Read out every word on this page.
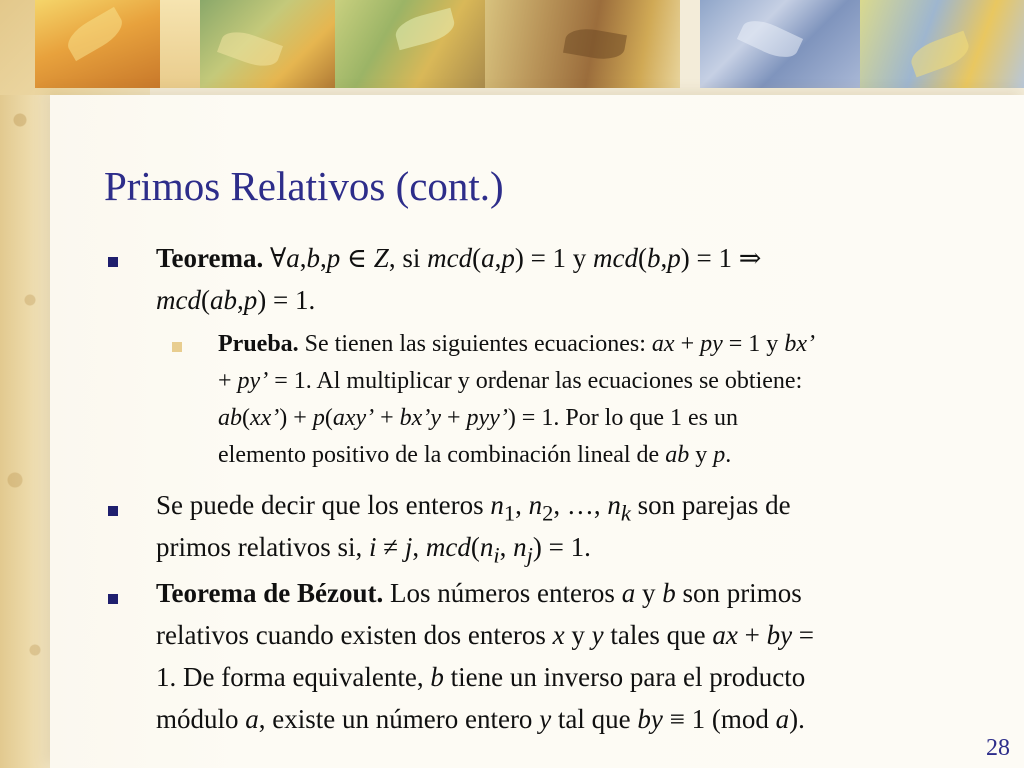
Primos Relativos (cont.)

Teorema. ∀a,b,p ∈ Z, si mcd(a,p) = 1 y mcd(b,p) = 1 ⇒

mcd(ab,p) = 1.

Prueba. Se tienen las siguientes ecuaciones: ax + py = 1 y bx’

+ py’ = 1. Al multiplicar y ordenar las ecuaciones se obtiene:

ab(xx’) + p(axy’ + bx’y + pyy’) = 1. Por lo que 1 es un

elemento positivo de la combinación lineal de ab y p.

Se puede decir que los enteros $n_1$, $n_2$, …, $n_k$ son parejas de

primos relativos si, i ≠ j, $mcd(n_i$, $n_j) = 1$.

Teorema de Bézout. Los números enteros a y b son primos

relativos cuando existen dos enteros x y y tales que ax + by =

1. De forma equivalente, b tiene un inverso para el producto

módulo a, existe un número entero y tal que by ≡ 1 (mod a).

28
